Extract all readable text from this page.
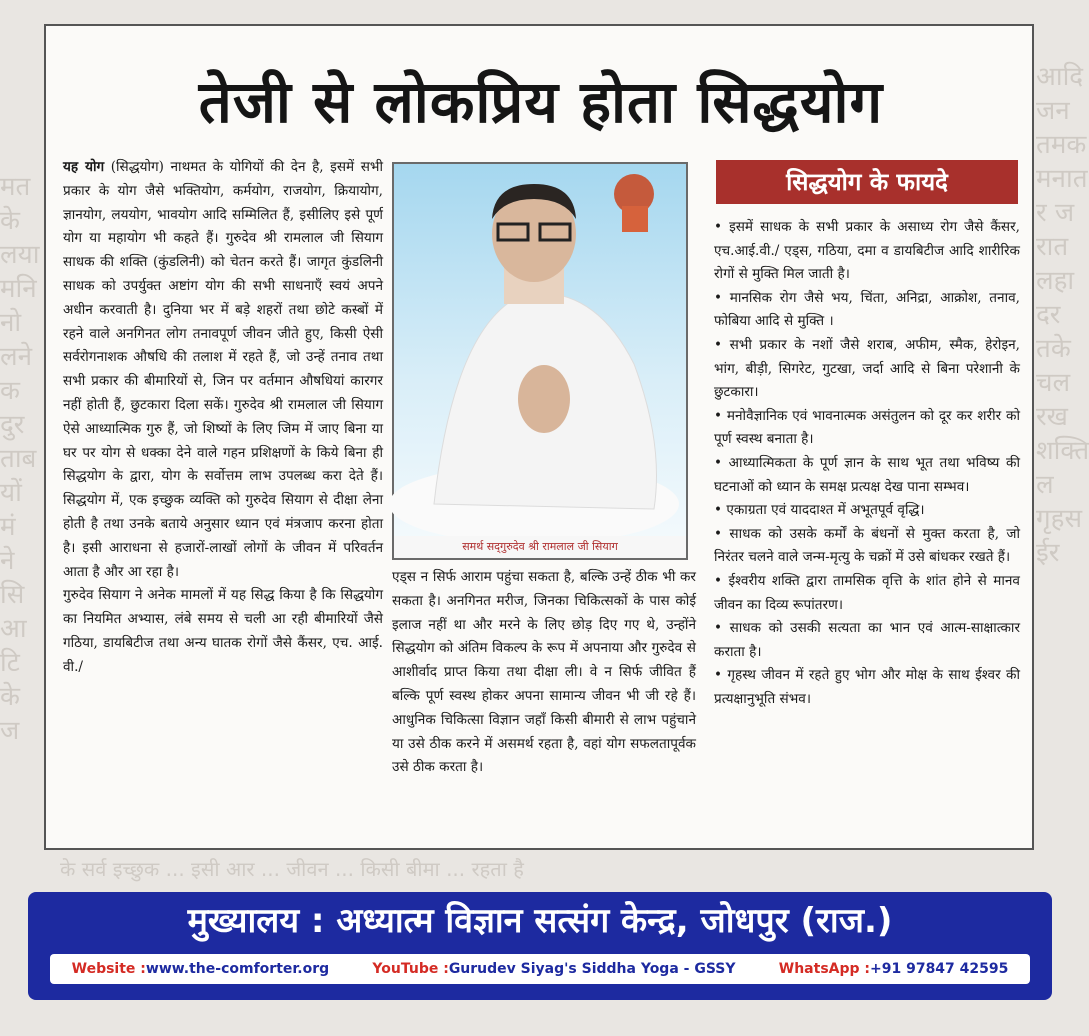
मत
के
लया
मनि
नो
लने
क
दुर
ताब
यों
मं
ने
सि
आ
टि
के
ज
आदि
जन
तमक
मनात
र ज
रात
लहा
दर
तके
चल
रख
शक्ति
ल
गृहस
ईर
के सर्व इच्छुक ... इसी आर ... जीवन ... किसी बीमा ... रहता है
तेजी से लोकप्रिय होता सिद्धयोग

यह योग (सिद्धयोग) नाथमत के योगियों की देन है, इसमें सभी प्रकार के योग जैसे भक्तियोग, कर्मयोग, राजयोग, क्रियायोग, ज्ञानयोग, लययोग, भावयोग आदि सम्मिलित हैं, इसीलिए इसे पूर्ण योग या महायोग भी कहते हैं। गुरुदेव श्री रामलाल जी सियाग साधक की शक्ति (कुंडलिनी) को चेतन करते हैं। जागृत कुंडलिनी साधक को उपर्युक्त अष्टांग योग की सभी साधनाएँ स्वयं अपने अधीन करवाती है। दुनिया भर में बड़े शहरों तथा छोटे कस्बों में रहने वाले अनगिनत लोग तनावपूर्ण जीवन जीते हुए, किसी ऐसी सर्वरोगनाशक औषधि की तलाश में रहते हैं, जो उन्हें तनाव तथा सभी प्रकार की बीमारियों से, जिन पर वर्तमान औषधियां कारगर नहीं होती हैं, छुटकारा दिला सकें। गुरुदेव श्री रामलाल जी सियाग ऐसे आध्यात्मिक गुरु हैं, जो शिष्यों के लिए जिम में जाए बिना या घर पर योग से धक्का देने वाले गहन प्रशिक्षणों के किये बिना ही सिद्धयोग के द्वारा, योग के सर्वोत्तम लाभ उपलब्ध करा देते हैं। सिद्धयोग में, एक इच्छुक व्यक्ति को गुरुदेव सियाग से दीक्षा लेना होती है तथा उनके बताये अनुसार ध्यान एवं मंत्रजाप करना होता है। इसी आराधना से हजारों-लाखों लोगों के जीवन में परिवर्तन आता है और आ रहा है।

गुरुदेव सियाग ने अनेक मामलों में यह सिद्ध किया है कि सिद्धयोग का नियमित अभ्यास, लंबे समय से चली आ रही बीमारियों जैसे गठिया, डायबिटीज तथा अन्य घातक रोगों जैसे कैंसर, एच. आई. वी./

समर्थ सद्‌गुरुदेव श्री रामलाल जी सियाग

एड्स न सिर्फ आराम पहुंचा सकता है, बल्कि उन्हें ठीक भी कर सकता है। अनगिनत मरीज, जिनका चिकित्सकों के पास कोई इलाज नहीं था और मरने के लिए छोड़ दिए गए थे, उन्होंने सिद्धयोग को अंतिम विकल्प के रूप में अपनाया और गुरुदेव से आशीर्वाद प्राप्त किया तथा दीक्षा ली। वे न सिर्फ जीवित हैं बल्कि पूर्ण स्वस्थ होकर अपना सामान्य जीवन भी जी रहे हैं। आधुनिक चिकित्सा विज्ञान जहाँ किसी बीमारी से लाभ पहुंचाने या उसे ठीक करने में असमर्थ रहता है, वहां योग सफलतापूर्वक उसे ठीक करता है।

सिद्धयोग के फायदे

• इसमें साधक के सभी प्रकार के असाध्य रोग जैसे कैंसर, एच.आई.वी./ एड्स, गठिया, दमा व डायबिटीज आदि शारीरिक रोगों से मुक्ति मिल जाती है।

• मानसिक रोग जैसे भय, चिंता, अनिद्रा, आक्रोश, तनाव, फोबिया आदि से मुक्ति ।

• सभी प्रकार के नशों जैसे शराब, अफीम, स्मैक, हेरोइन, भांग, बीड़ी, सिगरेट, गुटखा, जर्दा आदि से बिना परेशानी के छुटकारा।

• मनोवैज्ञानिक एवं भावनात्मक असंतुलन को दूर कर शरीर को पूर्ण स्वस्थ बनाता है।

• आध्यात्मिकता के पूर्ण ज्ञान के साथ भूत तथा भविष्य की घटनाओं को ध्यान के समक्ष प्रत्यक्ष देख पाना सम्भव।

• एकाग्रता एवं याददाश्त में अभूतपूर्व वृद्धि।

• साधक को उसके कर्मों के बंधनों से मुक्त करता है, जो निरंतर चलने वाले जन्म-मृत्यु के चक्रों में उसे बांधकर रखते हैं।

• ईश्वरीय शक्ति द्वारा तामसिक वृत्ति के शांत होने से मानव जीवन का दिव्य रूपांतरण।

• साधक को उसकी सत्यता का भान एवं आत्म-साक्षात्कार कराता है।

• गृहस्थ जीवन में रहते हुए भोग और मोक्ष के साथ ईश्वर की प्रत्यक्षानुभूति संभव।

मुख्यालय : अध्यात्म विज्ञान सत्संग केन्द्र, जोधपुर (राज.)
Website :www.the-comforter.org	YouTube :Gurudev Siyag's Siddha Yoga - GSSY	WhatsApp :+91 97847 42595
